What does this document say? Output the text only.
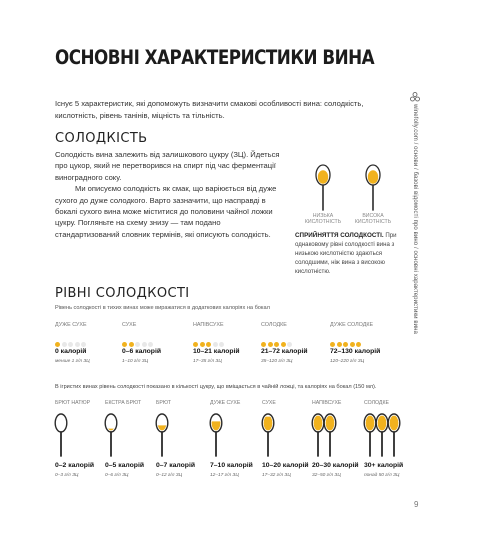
ОСНОВНІ ХАРАКТЕРИСТИКИ ВИНА
Існує 5 характеристик, які допоможуть визначити смакові особливості вина: солодкість, кислотність, рівень танінів, міцність та тільність.
СОЛОДКІСТЬ

Солодкість вина залежить від залишкового цукру (ЗЦ). Йдеться про цукор, який не перетворився на спирт під час ферментації виноградного соку.

Ми описуємо солодкість як смак, що варіюється від дуже сухого до дуже солодкого. Вартo зазначити, що насправді в бокалі сухого вина може міститися до половини чайної ложки цукру. Погляньте на схему знизу — там подано стандартизований словник термінів, які описують солодкість.

НИЗЬКА КИСЛОТНІСТЬ
ВИСОКА КИСЛОТНІСТЬ
СПРИЙНЯТТЯ СОЛОДКОСТІ. При однаковому рівні солодкості вина з низькою кислотністю здаються солодшими, ніж вина з високою кислотністю.	winefolly.com / основи / базові відомості про вино / основні характеристики вина
РІВНІ СОЛОДКОСТІ
Рівень солодкості в тихих винах може виражатися в додаткових калоріях на бокал
ДУЖЕ СУХЕ
0 калорій
менше 1 г/л ЗЦ
СУХЕ
0–6 калорій
1–10 г/л ЗЦ
НАПІВСУХЕ
10–21 калорій
17–35 г/л ЗЦ
СОЛОДКЕ
21–72 калорій
35–120 г/л ЗЦ
ДУЖЕ СОЛОДКЕ
72–130 калорій
120–220 г/л ЗЦ
В ігристих винах рівень солодкості показано в кількості цукру, що вміщається в чайній ложці, та калоріях на бокал (150 мл).
БРЮТ НАТЮР
0–2 калорій
0–3 г/л ЗЦ
ЕКСТРА БРЮТ
0–5 калорій
0–6 г/л ЗЦ
БРЮТ
0–7 калорій
0–12 г/л ЗЦ
ДУЖЕ СУХЕ
7–10 калорій
12–17 г/л ЗЦ
СУХЕ
10–20 калорій
17–32 г/л ЗЦ
НАПІВСУХЕ
20–30 калорій
32–50 г/л ЗЦ
СОЛОДКЕ
30+ калорій
понад 50 г/л ЗЦ
9
